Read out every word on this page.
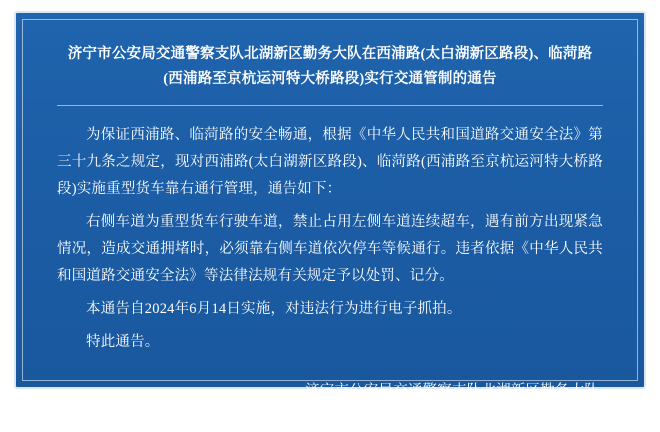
济宁市公安局交通警察支队北湖新区勤务大队在西浦路(太白湖新区路段)、临菏路(西浦路至京杭运河特大桥路段)实行交通管制的通告

为保证西浦路、临菏路的安全畅通，根据《中华人民共和国道路交通安全法》第三十九条之规定，现对西浦路(太白湖新区路段)、临菏路(西浦路至京杭运河特大桥路段)实施重型货车靠右通行管理，通告如下：

右侧车道为重型货车行驶车道，禁止占用左侧车道连续超车，遇有前方出现紧急情况，造成交通拥堵时，必须靠右侧车道依次停车等候通行。违者依据《中华人民共和国道路交通安全法》等法律法规有关规定予以处罚、记分。

本通告自2024年6月14日实施，对违法行为进行电子抓拍。

特此通告。

济宁市公安局交通警察支队北湖新区勤务大队
2024年6月6日
